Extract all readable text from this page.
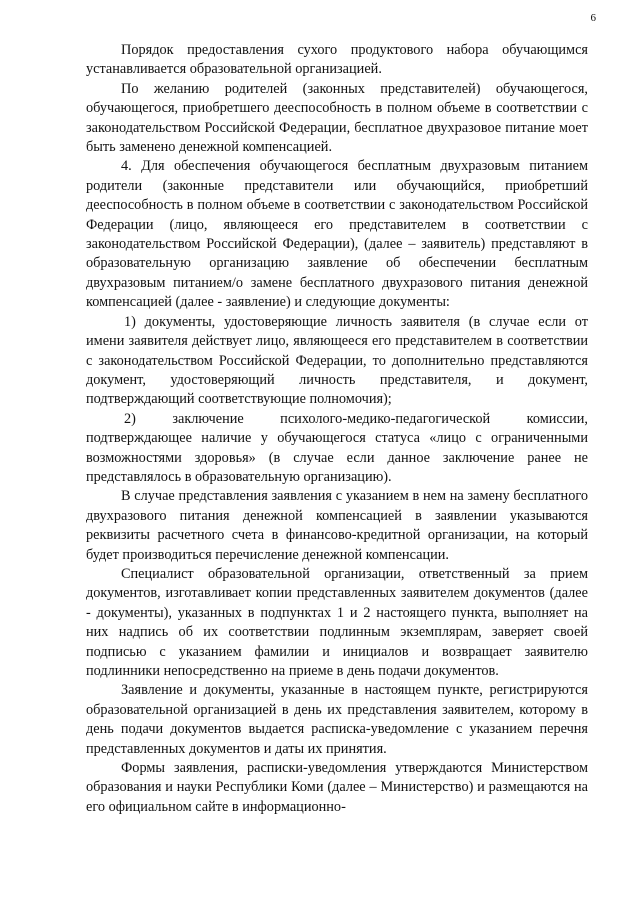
6

Порядок предоставления сухого продуктового набора обучающимся устанавливается образовательной организацией.

По желанию родителей (законных представителей) обучающегося, обучающегося, приобретшего дееспособность в полном объеме в соответствии с законодательством Российской Федерации, бесплатное двухразовое питание моет быть заменено денежной компенсацией.

4. Для обеспечения обучающегося бесплатным двухразовым питанием родители (законные представители или обучающийся, приобретший дееспособность в полном объеме в соответствии с законодательством Российской Федерации (лицо, являющееся его представителем в соответствии с законодательством Российской Федерации), (далее – заявитель) представляют в образовательную организацию заявление об обеспечении бесплатным двухразовым питанием/о замене бесплатного двухразового питания денежной компенсацией (далее - заявление) и следующие документы:

1) документы, удостоверяющие личность заявителя (в случае если от имени заявителя действует лицо, являющееся его представителем в соответствии с законодательством Российской Федерации, то дополнительно представляются документ, удостоверяющий личность представителя, и документ, подтверждающий соответствующие полномочия);

2) заключение психолого-медико-педагогической комиссии, подтверждающее наличие у обучающегося статуса «лицо с ограниченными возможностями здоровья» (в случае если данное заключение ранее не представлялось в образовательную организацию).

В случае представления заявления с указанием в нем на замену бесплатного двухразового питания денежной компенсацией в заявлении указываются реквизиты расчетного счета в финансово-кредитной организации, на который будет производиться перечисление денежной компенсации.

Специалист образовательной организации, ответственный за прием документов, изготавливает копии представленных заявителем документов (далее - документы), указанных в подпунктах 1 и 2 настоящего пункта, выполняет на них надпись об их соответствии подлинным экземплярам, заверяет своей подписью с указанием фамилии и инициалов и возвращает заявителю подлинники непосредственно на приеме в день подачи документов.

Заявление и документы, указанные в настоящем пункте, регистрируются образовательной организацией в день их представления заявителем, которому в день подачи документов выдается расписка-уведомление с указанием перечня представленных документов и даты их принятия.

Формы заявления, расписки-уведомления утверждаются Министерством образования и науки Республики Коми (далее – Министерство) и размещаются на его официальном сайте в информационно-
